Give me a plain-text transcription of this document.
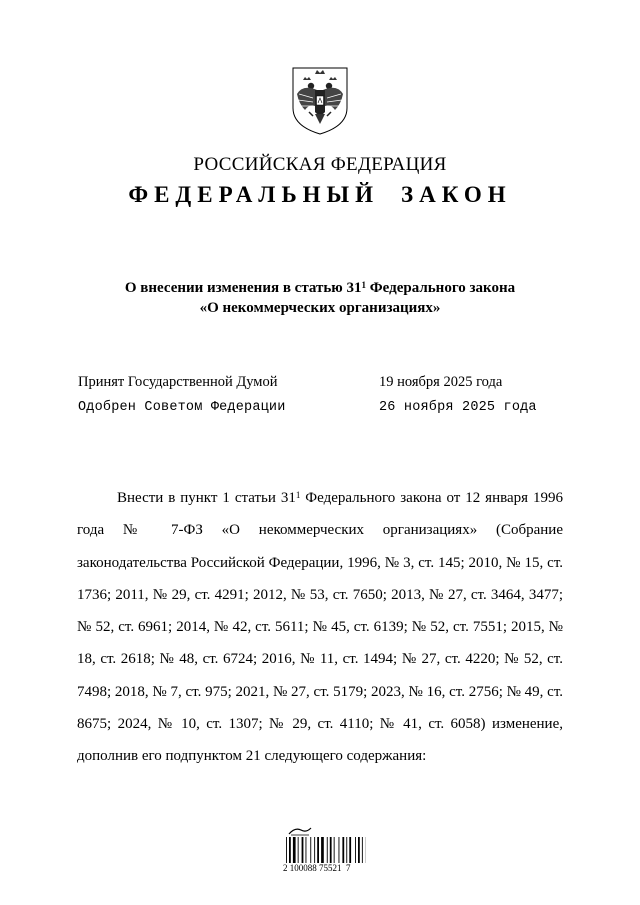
РОССИЙСКАЯ ФЕДЕРАЦИЯ
ФЕДЕРАЛЬНЫЙ ЗАКОН
О внесении изменения в статью $31^1$ Федерального закона
«О некоммерческих организациях»
Принят Государственной Думой	19 ноября 2025 года
Одобрен Советом Федерации	26 ноября 2025 года
Внести в пункт 1 статьи $31^1$ Федерального закона от 12 января 1996 года № 7-ФЗ «О некоммерческих организациях» (Собрание законодательства Российской Федерации, 1996, № 3, ст. 145; 2010, № 15, ст. 1736; 2011, № 29, ст. 4291; 2012, № 53, ст. 7650; 2013, № 27, ст. 3464, 3477; № 52, ст. 6961; 2014, № 42, ст. 5611; № 45, ст. 6139; № 52, ст. 7551; 2015, № 18, ст. 2618; № 48, ст. 6724; 2016, № 11, ст. 1494; № 27, ст. 4220; № 52, ст. 7498; 2018, № 7, ст. 975; 2021, № 27, ст. 5179; 2023, № 16, ст. 2756; № 49, ст. 8675; 2024, № 10, ст. 1307; № 29, ст. 4110; № 41, ст. 6058) изменение, дополнив его подпунктом 21 следующего содержания:
2 100088 75521  7
